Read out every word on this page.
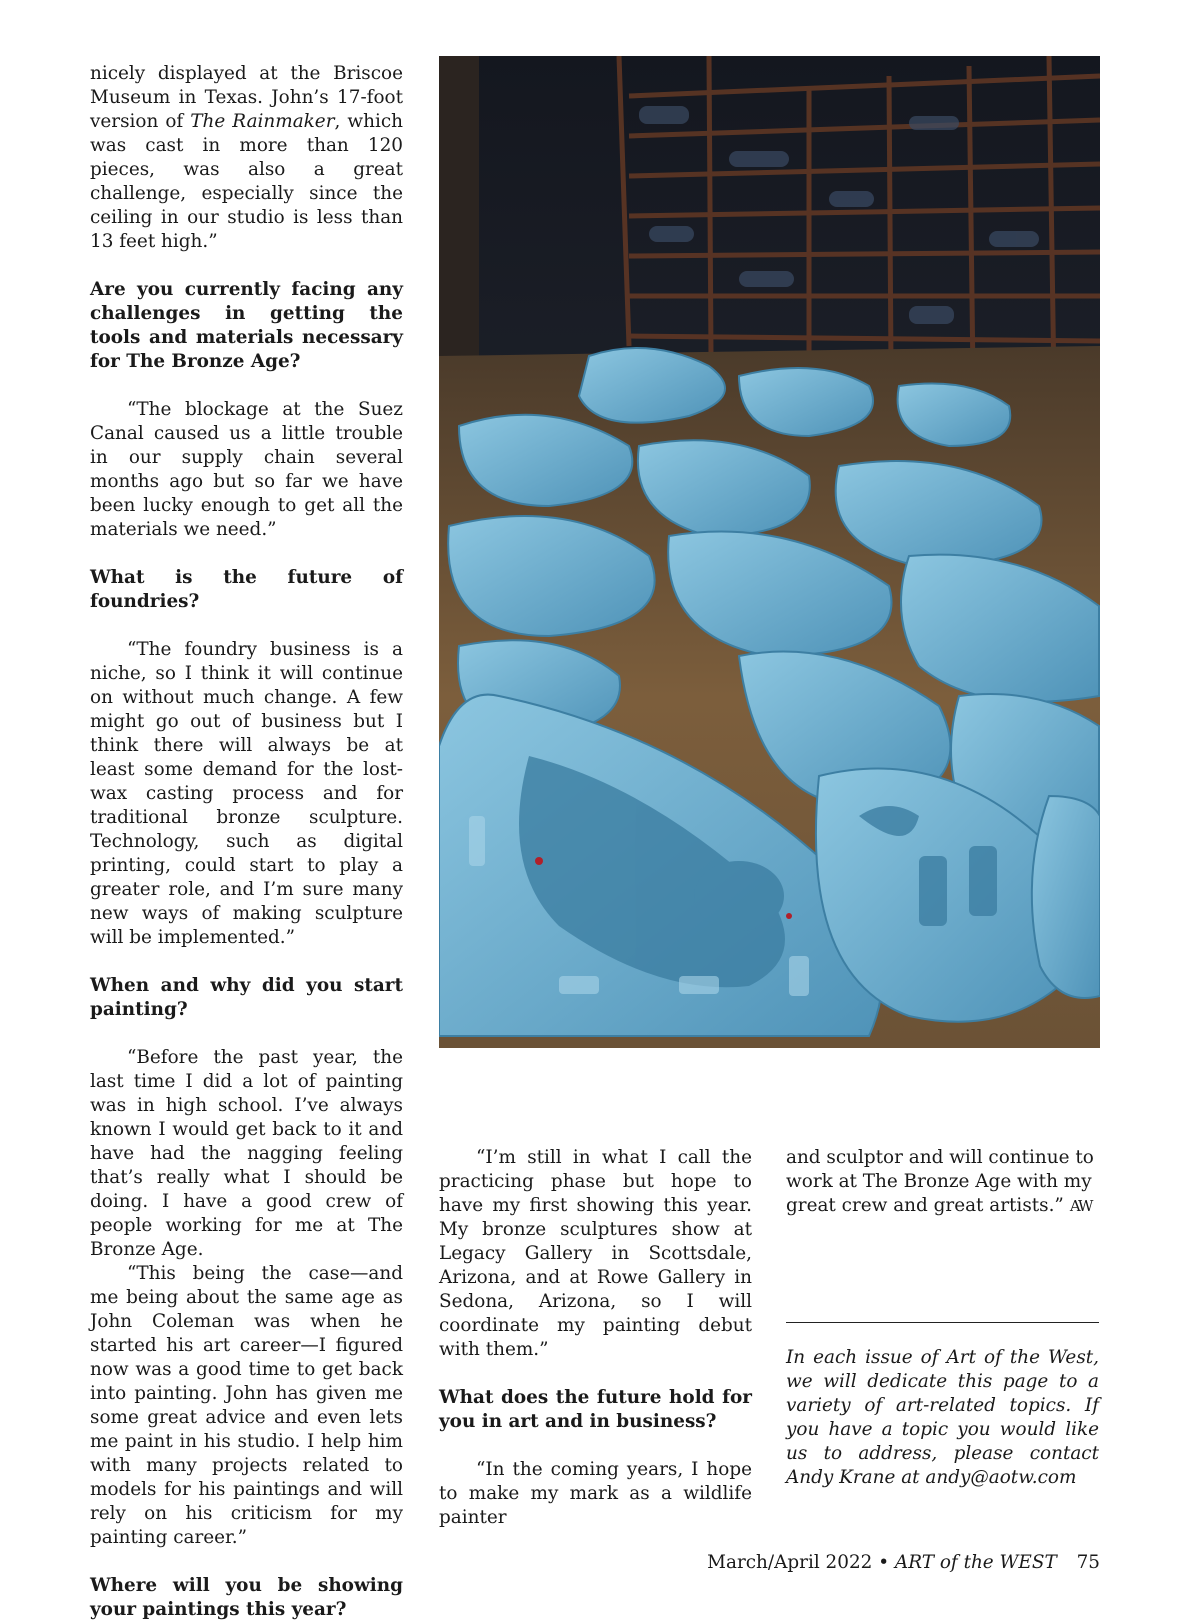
nicely displayed at the Briscoe Museum in Texas. John’s 17-foot version of The Rainmaker, which was cast in more than 120 pieces, was also a great challenge, especially since the ceiling in our studio is less than 13 feet high.”

Are you currently facing any challenges in getting the tools and materials necessary for The Bronze Age?

“The blockage at the Suez Canal caused us a little trouble in our supply chain several months ago but so far we have been lucky enough to get all the materials we need.”

What is the future of foundries?

“The foundry business is a niche, so I think it will continue on without much change. A few might go out of business but I think there will always be at least some demand for the lost-wax casting process and for traditional bronze sculpture. Technology, such as digital printing, could start to play a greater role, and I’m sure many new ways of making sculpture will be implemented.”

When and why did you start painting?

“Before the past year, the last time I did a lot of painting was in high school. I’ve always known I would get back to it and have had the nagging feeling that’s really what I should be doing. I have a good crew of people working for me at The Bronze Age.

“This being the case—and me being about the same age as John Coleman was when he started his art career—I figured now was a good time to get back into painting. John has given me some great advice and even lets me paint in his studio. I help him with many projects related to models for his paintings and will rely on his criticism for my painting career.”

Where will you be showing your paintings this year?

“I’m still in what I call the practicing phase but hope to have my first showing this year. My bronze sculptures show at Legacy Gallery in Scottsdale, Arizona, and at Rowe Gallery in Sedona, Arizona, so I will coordinate my painting debut with them.”

What does the future hold for you in art and in business?

“In the coming years, I hope to make my mark as a wildlife painter

and sculptor and will continue to work at The Bronze Age with my great crew and great artists.” AW

In each issue of Art of the West, we will dedicate this page to a variety of art-related topics. If you have a topic you would like us to address, please contact Andy Krane at andy@aotw.com
March/April 2022 • ART of the WEST 75
